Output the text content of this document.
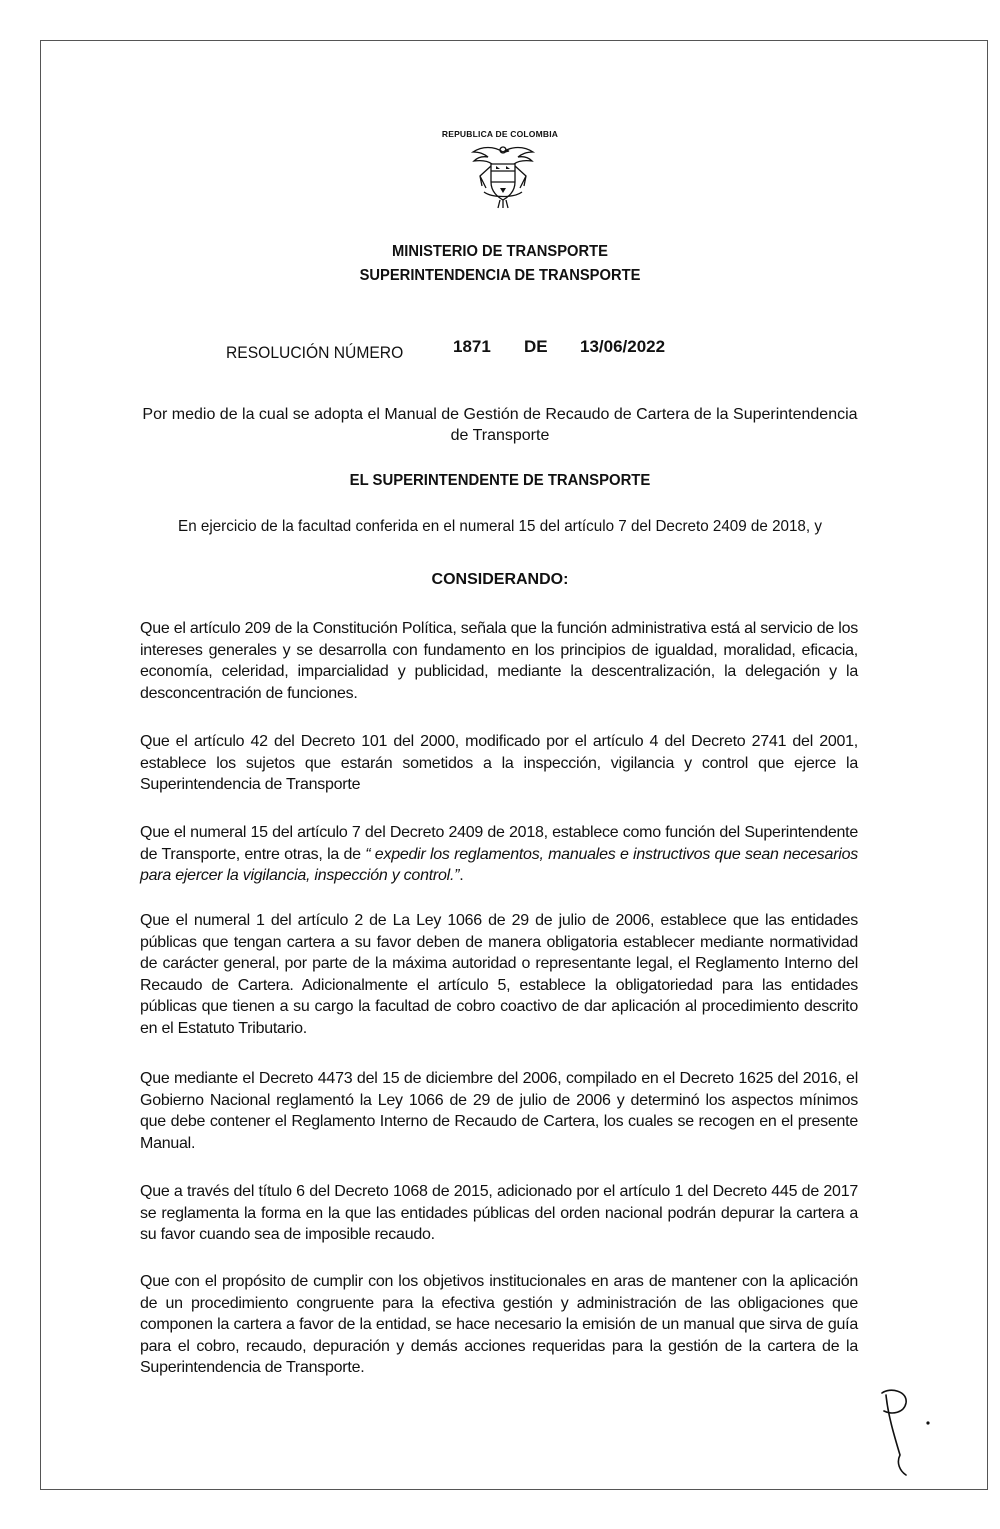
REPUBLICA DE COLOMBIA
MINISTERIO DE TRANSPORTE
SUPERINTENDENCIA DE TRANSPORTE
RESOLUCIÓN NÚMERO	1871 DE 13/06/2022
Por medio de la cual se adopta el Manual de Gestión de Recaudo de Cartera de la Superintendencia de Transporte
EL SUPERINTENDENTE DE TRANSPORTE
En ejercicio de la facultad conferida en el numeral 15 del artículo 7 del Decreto 2409 de 2018, y
CONSIDERANDO:
Que el artículo 209 de la Constitución Política, señala que la función administrativa está al servicio de los intereses generales y se desarrolla con fundamento en los principios de igualdad, moralidad, eficacia, economía, celeridad, imparcialidad y publicidad, mediante la descentralización, la delegación y la desconcentración de funciones.
Que el artículo 42 del Decreto 101 del 2000, modificado por el artículo 4 del Decreto 2741 del 2001, establece los sujetos que estarán sometidos a la inspección, vigilancia y control que ejerce la Superintendencia de Transporte
Que el numeral 15 del artículo 7 del Decreto 2409 de 2018, establece como función del Superintendente de Transporte, entre otras, la de “ expedir los reglamentos, manuales e instructivos que sean necesarios para ejercer la vigilancia, inspección y control.”.
Que el numeral 1 del artículo 2 de La Ley 1066 de 29 de julio de 2006, establece que las entidades públicas que tengan cartera a su favor deben de manera obligatoria establecer mediante normatividad de carácter general, por parte de la máxima autoridad o representante legal, el Reglamento Interno del Recaudo de Cartera. Adicionalmente el artículo 5, establece la obligatoriedad para las entidades públicas que tienen a su cargo la facultad de cobro coactivo de dar aplicación al procedimiento descrito en el Estatuto Tributario.
Que mediante el Decreto 4473 del 15 de diciembre del 2006, compilado en el Decreto 1625 del 2016, el Gobierno Nacional reglamentó la Ley 1066 de 29 de julio de 2006 y determinó los aspectos mínimos que debe contener el Reglamento Interno de Recaudo de Cartera, los cuales se recogen en el presente Manual.
Que a través del título 6 del Decreto 1068 de 2015, adicionado por el artículo 1 del Decreto 445 de 2017 se reglamenta la forma en la que las entidades públicas del orden nacional podrán depurar la cartera a su favor cuando sea de imposible recaudo.
Que con el propósito de cumplir con los objetivos institucionales en aras de mantener con la aplicación de un procedimiento congruente para la efectiva gestión y administración de las obligaciones que componen la cartera a favor de la entidad, se hace necesario la emisión de un manual que sirva de guía para el cobro, recaudo, depuración y demás acciones requeridas para la gestión de la cartera de la Superintendencia de Transporte.
